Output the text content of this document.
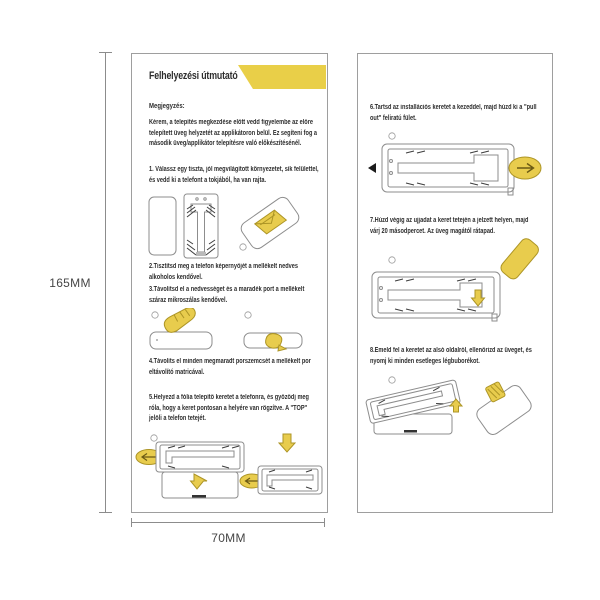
165MM
70MM
Felhelyezési útmutató
Megjegyzés:
Kérem, a telepítés megkezdése előtt vedd figyelembe az előre telepített üveg helyzetét az applikátoron belül. Ez segíteni fog a második üveg/applikátor telepítésre való előkészítésénél.
1. Válassz egy tiszta, jól megvilágított környezetet, sík felülettel, és vedd ki a telefont a tokjából, ha van rajta.
2.Tisztítsd meg a telefon képernyőjét a mellékelt nedves alkoholos kendővel.
3.Távolítsd el a nedvességet és a maradék port a mellékelt száraz mikroszálas kendővel.
4.Távolíts el minden megmaradt porszemcsét a mellékelt por eltávolító matricával.
5.Helyezd a fólia telepítő keretet a telefonra, és győződj meg róla, hogy a keret pontosan a helyére van rögzítve. A "TOP" jelöli a telefon tetejét.
6.Tartsd az installációs keretet a kezeddel, majd húzd ki a "pull out" feliratú fület.
7.Húzd végig az ujjadat a keret tetején a jelzett helyen, majd várj 20 másodpercet. Az üveg magától rátapad.
8.Emeld fel a keretet az alsó oldalról, ellenőrizd az üveget, és nyomj ki minden esetleges légbuborékot.
